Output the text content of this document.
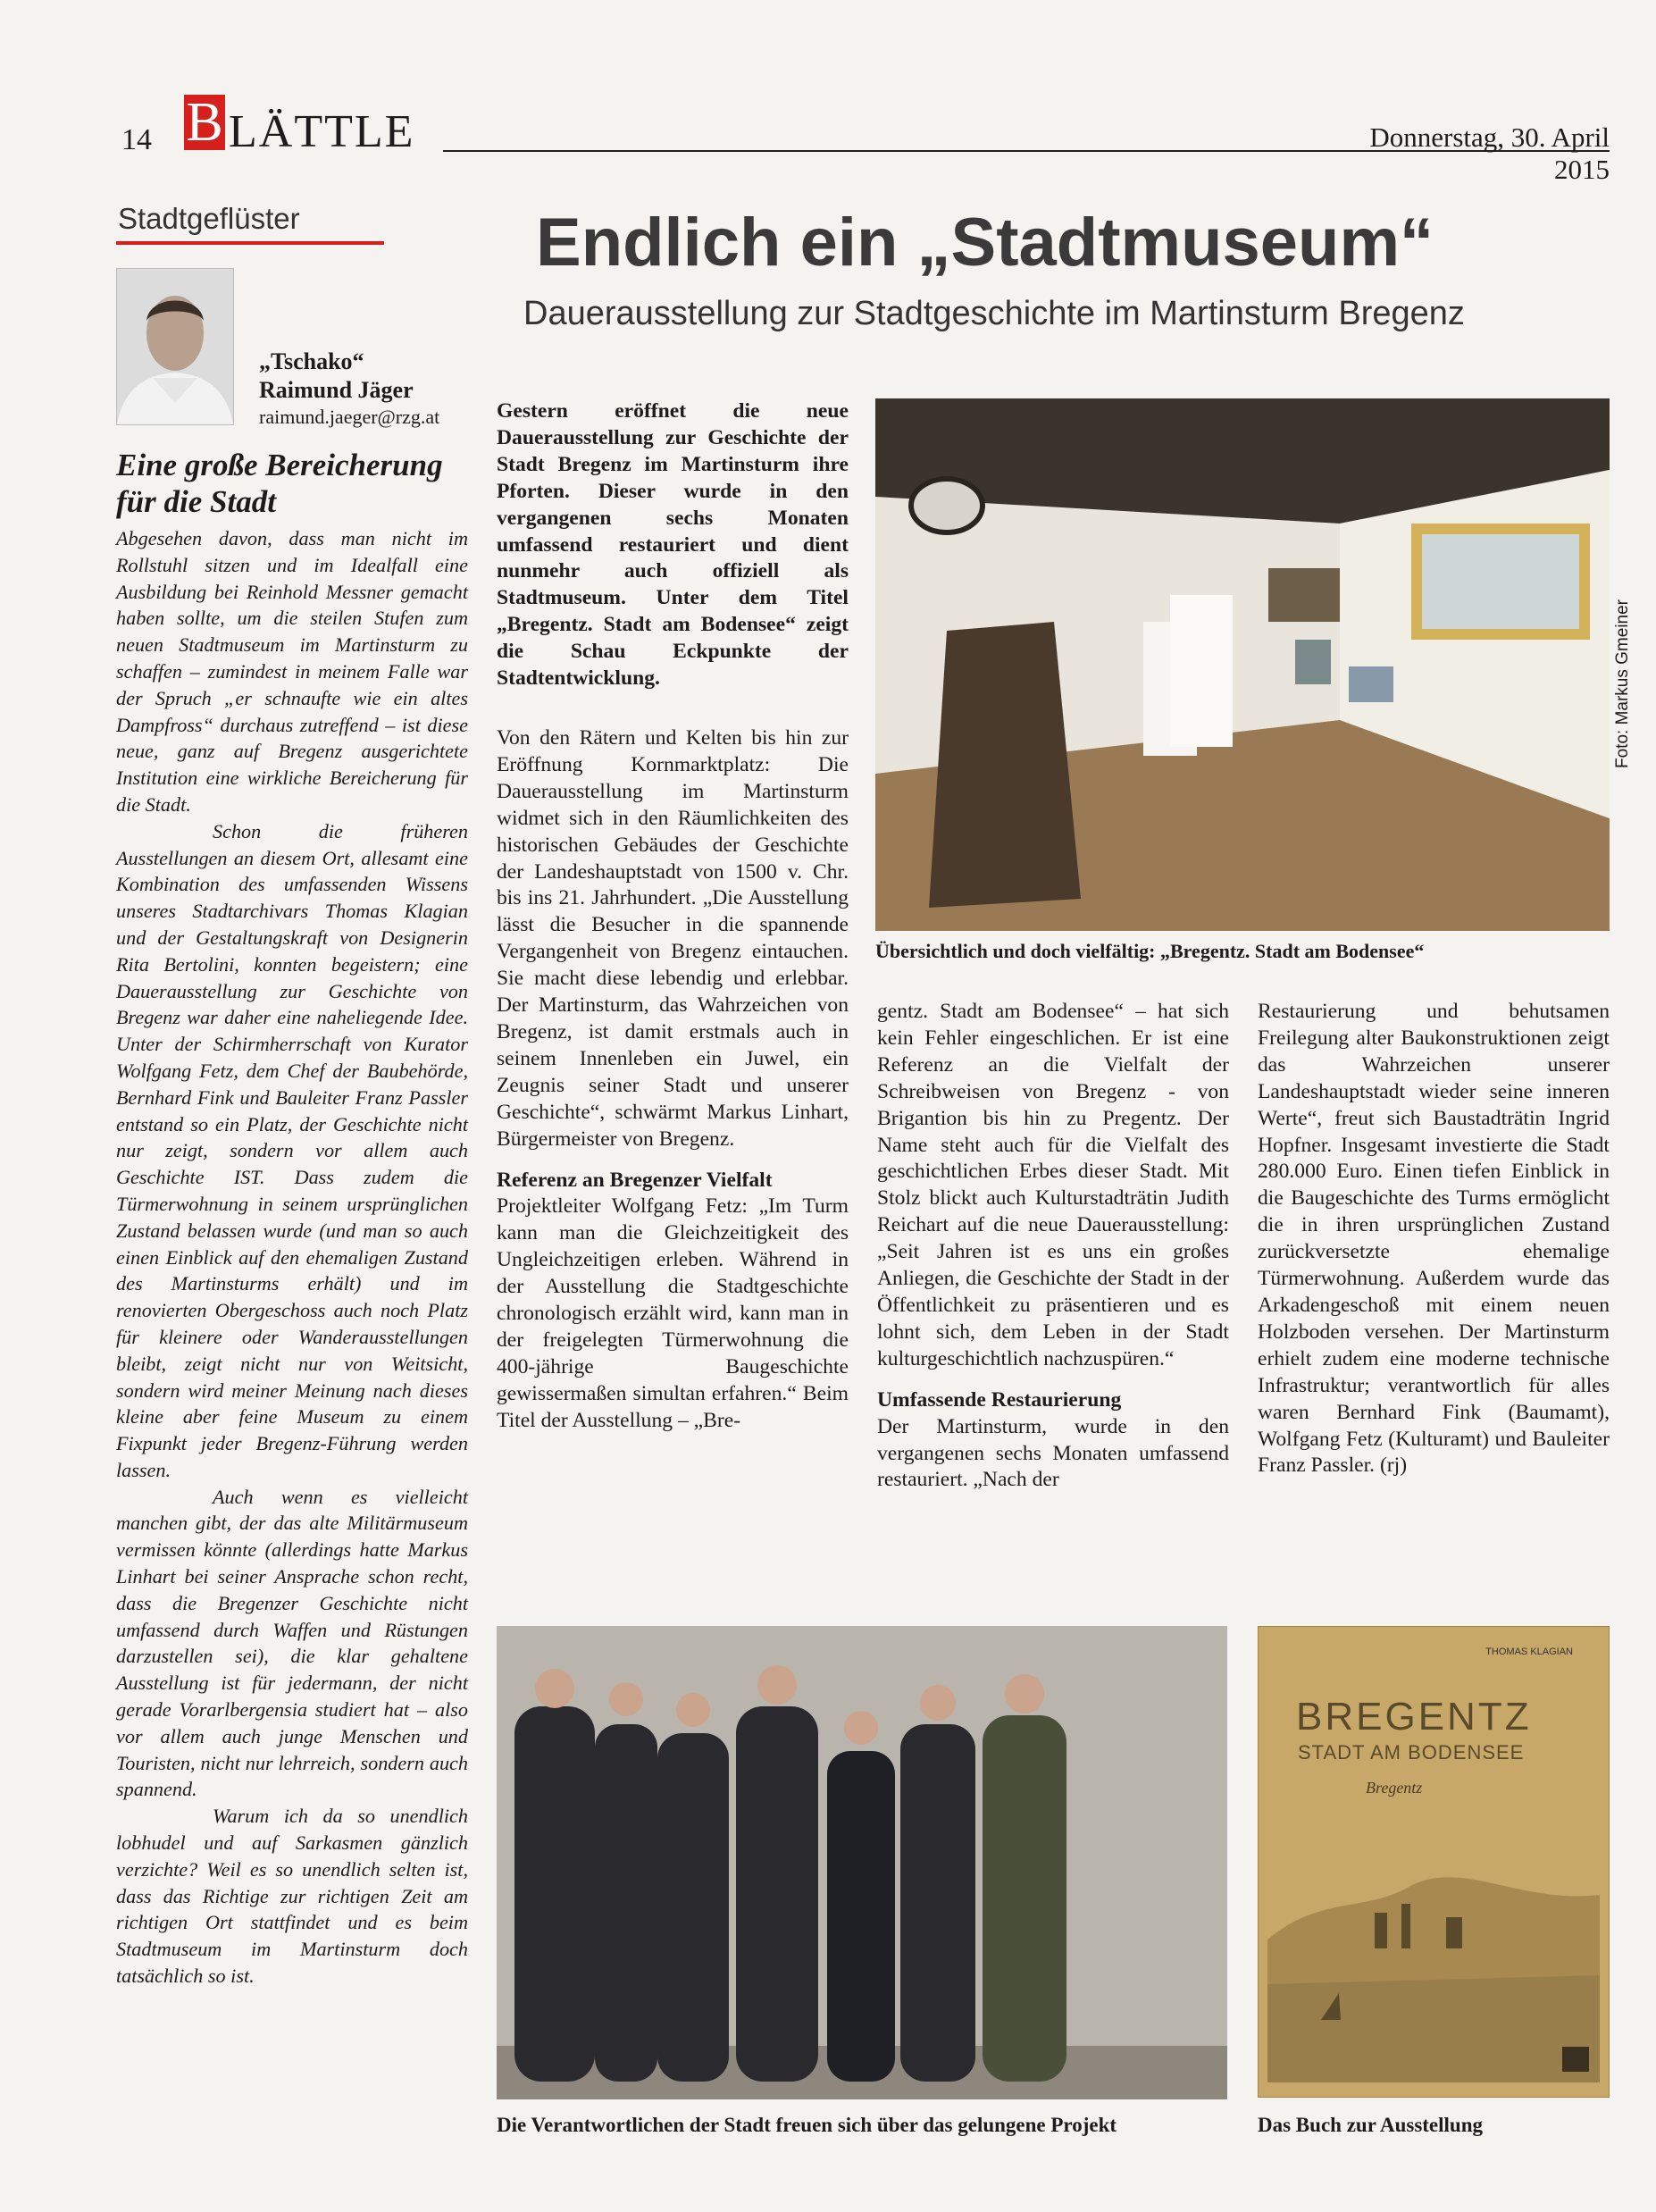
14 B LÄTTLE	Donnerstag, 30. April 2015
Stadtgeflüster	Endlich ein „Stadtmuseum“
Dauerausstellung zur Stadtgeschichte im Martinsturm Bregenz
„Tschako“
Raimund Jäger
raimund.jaeger@rzg.at
Eine große Bereicherung für die Stadt

Abgesehen davon, dass man nicht im Rollstuhl sitzen und im Idealfall eine Ausbildung bei Reinhold Messner gemacht haben sollte, um die steilen Stufen zum neuen Stadtmuseum im Martinsturm zu schaffen – zumindest in meinem Falle war der Spruch „er schnaufte wie ein altes Dampfross“ durchaus zutreffend – ist diese neue, ganz auf Bregenz ausgerichtete Institution eine wirkliche Bereicherung für die Stadt.

Schon die früheren Ausstellungen an diesem Ort, allesamt eine Kombination des umfassenden Wissens unseres Stadtarchivars Thomas Klagian und der Gestaltungskraft von Designerin Rita Bertolini, konnten begeistern; eine Dauerausstellung zur Geschichte von Bregenz war daher eine naheliegende Idee. Unter der Schirmherrschaft von Kurator Wolfgang Fetz, dem Chef der Baubehörde, Bernhard Fink und Bauleiter Franz Passler entstand so ein Platz, der Geschichte nicht nur zeigt, sondern vor allem auch Geschichte IST. Dass zudem die Türmerwohnung in seinem ursprünglichen Zustand belassen wurde (und man so auch einen Einblick auf den ehemaligen Zustand des Martinsturms erhält) und im renovierten Obergeschoss auch noch Platz für kleinere oder Wanderausstellungen bleibt, zeigt nicht nur von Weitsicht, sondern wird meiner Meinung nach dieses kleine aber feine Museum zu einem Fixpunkt jeder Bregenz-Führung werden lassen.

Auch wenn es vielleicht manchen gibt, der das alte Militärmuseum vermissen könnte (allerdings hatte Markus Linhart bei seiner Ansprache schon recht, dass die Bregenzer Geschichte nicht umfassend durch Waffen und Rüstungen darzustellen sei), die klar gehaltene Ausstellung ist für jedermann, der nicht gerade Vorarlbergensia studiert hat – also vor allem auch junge Menschen und Touristen, nicht nur lehrreich, sondern auch spannend.

Warum ich da so unendlich lobhudel und auf Sarkasmen gänzlich verzichte? Weil es so unendlich selten ist, dass das Richtige zur richtigen Zeit am richtigen Ort stattfindet und es beim Stadtmuseum im Martinsturm doch tatsächlich so ist.

Gestern eröffnet die neue Dauerausstellung zur Geschichte der Stadt Bregenz im Martinsturm ihre Pforten. Dieser wurde in den vergangenen sechs Monaten umfassend restauriert und dient nunmehr auch offiziell als Stadtmuseum. Unter dem Titel „Bregentz. Stadt am Bodensee“ zeigt die Schau Eckpunkte der Stadtentwicklung.

Von den Rätern und Kelten bis hin zur Eröffnung Kornmarktplatz: Die Dauerausstellung im Martinsturm widmet sich in den Räumlichkeiten des historischen Gebäudes der Geschichte der Landeshauptstadt von 1500 v. Chr. bis ins 21. Jahrhundert. „Die Ausstellung lässt die Besucher in die spannende Vergangenheit von Bregenz eintauchen. Sie macht diese lebendig und erlebbar. Der Martinsturm, das Wahrzeichen von Bregenz, ist damit erstmals auch in seinem Innenleben ein Juwel, ein Zeugnis seiner Stadt und unserer Geschichte“, schwärmt Markus Linhart, Bürgermeister von Bregenz.

Referenz an Bregenzer Vielfalt

Projektleiter Wolfgang Fetz: „Im Turm kann man die Gleichzeitigkeit des Ungleichzeitigen erleben. Während in der Ausstellung die Stadtgeschichte chronologisch erzählt wird, kann man in der freigelegten Türmerwohnung die 400-jährige Baugeschichte gewissermaßen simultan erfahren.“ Beim Titel der Ausstellung – „Bre-

gentz. Stadt am Bodensee“ – hat sich kein Fehler eingeschlichen. Er ist eine Referenz an die Vielfalt der Schreibweisen von Bregenz - von Brigantion bis hin zu Pregentz. Der Name steht auch für die Vielfalt des geschichtlichen Erbes dieser Stadt. Mit Stolz blickt auch Kulturstadträtin Judith Reichart auf die neue Dauerausstellung: „Seit Jahren ist es uns ein großes Anliegen, die Geschichte der Stadt in der Öffentlichkeit zu präsentieren und es lohnt sich, dem Leben in der Stadt kulturgeschichtlich nachzuspüren.“

Umfassende Restaurierung

Der Martinsturm, wurde in den vergangenen sechs Monaten umfassend restauriert. „Nach der

Restaurierung und behutsamen Freilegung alter Baukonstruktionen zeigt das Wahrzeichen unserer Landeshauptstadt wieder seine inneren Werte“, freut sich Baustadträtin Ingrid Hopfner. Insgesamt investierte die Stadt 280.000 Euro. Einen tiefen Einblick in die Baugeschichte des Turms ermöglicht die in ihren ursprünglichen Zustand zurückversetzte ehemalige Türmerwohnung. Außerdem wurde das Arkadengeschoß mit einem neuen Holzboden versehen. Der Martinsturm erhielt zudem eine moderne technische Infrastruktur; verantwortlich für alles waren Bernhard Fink (Baumamt), Wolfgang Fetz (Kulturamt) und Bauleiter Franz Passler. (rj)

Foto: Markus Gmeiner
Übersichtlich und doch vielfältig: „Bregentz. Stadt am Bodensee“
Die Verantwortlichen der Stadt freuen sich über das gelungene Projekt
THOMAS KLAGIAN
BREGENTZ
STADT AM BODENSEE
Bregentz
Das Buch zur Ausstellung
